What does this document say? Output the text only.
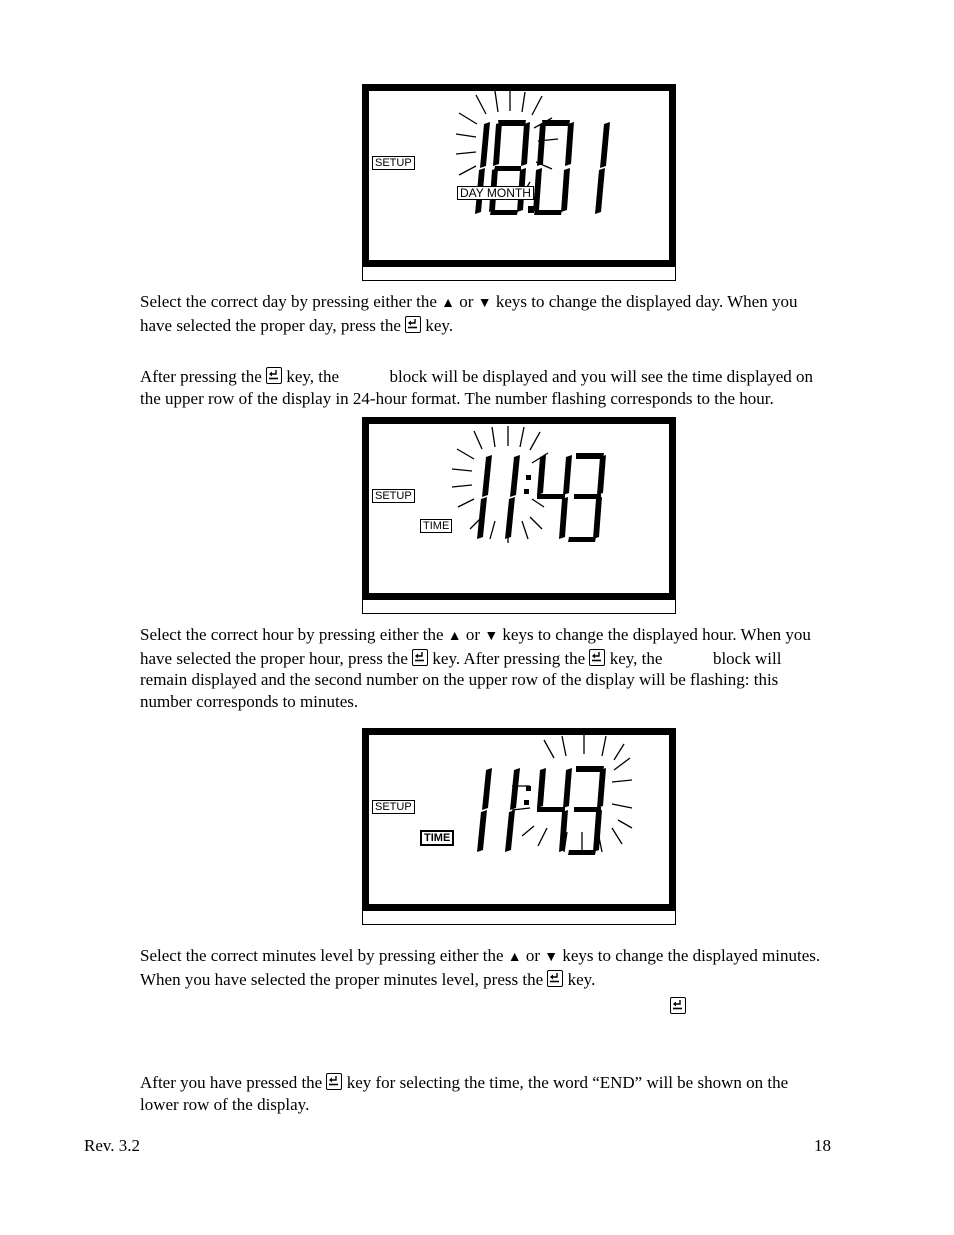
SETUP
DAY MONTH
Select the correct day by pressing either the ▲ or ▼ keys to change the displayed day. When you
have selected the proper day, press the key.
After pressing the key, the	block will be displayed and you will see the time displayed on
the upper row of the display in 24-hour format. The number flashing corresponds to the hour.
SETUP
TIME
Select the correct hour by pressing either the ▲ or ▼ keys to change the displayed hour. When you
have selected the proper hour, press the key. After pressing the key, the	block will
remain displayed and the second number on the upper row of the display will be flashing: this
number corresponds to minutes.
SETUP
TIME
Select the correct minutes level by pressing either the ▲ or ▼ keys to change the displayed minutes.
When you have selected the proper minutes level, press the key.
After you have pressed the key for selecting the time, the word “END” will be shown on the
lower row of the display.
Rev. 3.2	18
